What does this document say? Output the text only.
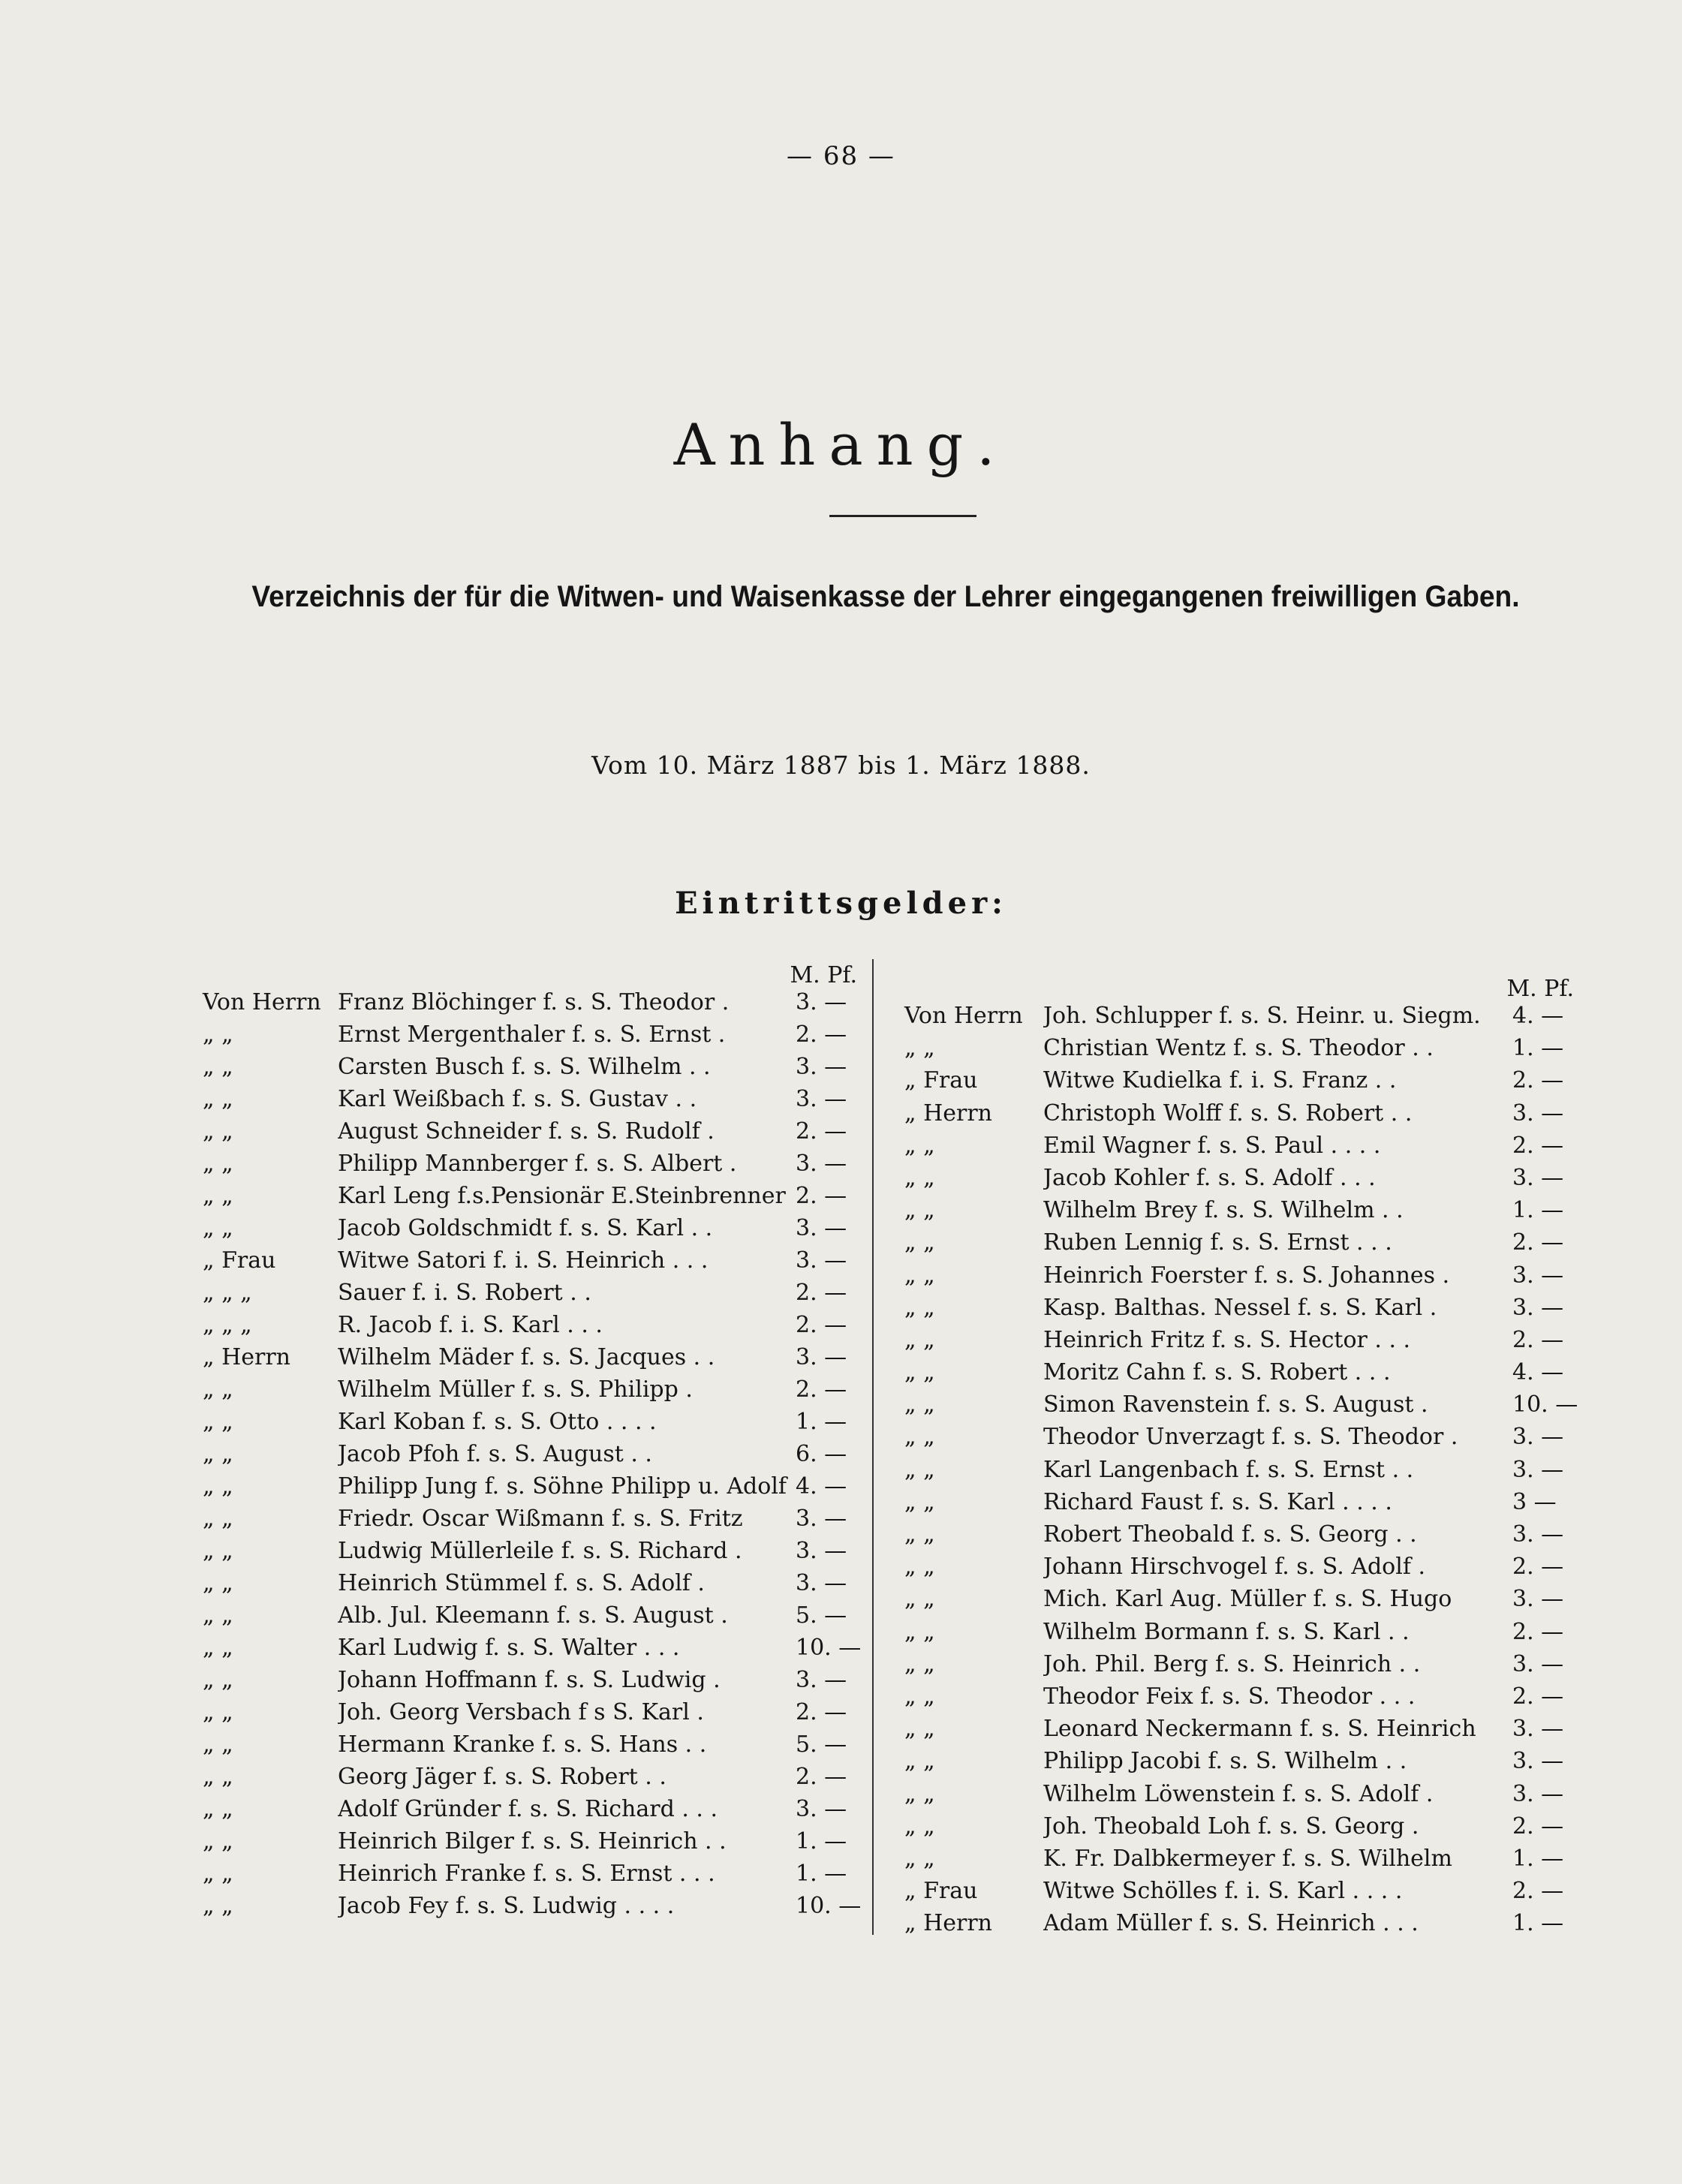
— 68 —
Anhang.
Verzeichnis der für die Witwen- und Waisenkasse der Lehrer eingegangenen freiwilligen Gaben.
Vom 10. März 1887 bis 1. März 1888.
Eintrittsgelder:
M. Pf.
Von Herrn Franz Blöchinger f. s. S. Theodor .	3. —
„ „	Ernst Mergenthaler f. s. S. Ernst .	2. —
„ „	Carsten Busch f. s. S. Wilhelm . .	3. —
„ „	Karl Weißbach f. s. S. Gustav . .	3. —
„ „	August Schneider f. s. S. Rudolf .	2. —
„ „	Philipp Mannberger f. s. S. Albert .	3. —
„ „	Karl Leng f.s.Pensionär E.Steinbrenner 2. —
„ „	Jacob Goldschmidt f. s. S. Karl . .	3. —
„ Frau	Witwe Satori f. i. S. Heinrich . . .	3. —
„ „ „	Sauer f. i. S. Robert . .	2. —
„ „ „	R. Jacob f. i. S. Karl . . .	2. —
„ Herrn	Wilhelm Mäder f. s. S. Jacques . .	3. —
„ „	Wilhelm Müller f. s. S. Philipp .	2. —
„ „	Karl Koban f. s. S. Otto . . . .	1. —
„ „	Jacob Pfoh f. s. S. August . .	6. —
„ „	Philipp Jung f. s. Söhne Philipp u. Adolf 4. —
„ „	Friedr. Oscar Wißmann f. s. S. Fritz	3. —
„ „	Ludwig Müllerleile f. s. S. Richard .	3. —
„ „	Heinrich Stümmel f. s. S. Adolf .	3. —
„ „	Alb. Jul. Kleemann f. s. S. August .	5. —
„ „	Karl Ludwig f. s. S. Walter . . .	10. —
„ „	Johann Hoffmann f. s. S. Ludwig .	3. —
„ „	Joh. Georg Versbach f s S. Karl .	2. —
„ „	Hermann Kranke f. s. S. Hans . .	5. —
„ „	Georg Jäger f. s. S. Robert . .	2. —
„ „	Adolf Gründer f. s. S. Richard . . .	3. —
„ „	Heinrich Bilger f. s. S. Heinrich . .	1. —
„ „	Heinrich Franke f. s. S. Ernst . . .	1. —
„ „	Jacob Fey f. s. S. Ludwig . . . .	10. —
M. Pf.
Von Herrn Joh. Schlupper f. s. S. Heinr. u. Siegm.	4. —
„ „	Christian Wentz f. s. S. Theodor . .	1. —
„ Frau	Witwe Kudielka f. i. S. Franz . .	2. —
„ Herrn	Christoph Wolff f. s. S. Robert . .	3. —
„ „	Emil Wagner f. s. S. Paul . . . .	2. —
„ „	Jacob Kohler f. s. S. Adolf . . .	3. —
„ „	Wilhelm Brey f. s. S. Wilhelm . .	1. —
„ „	Ruben Lennig f. s. S. Ernst . . .	2. —
„ „	Heinrich Foerster f. s. S. Johannes .	3. —
„ „	Kasp. Balthas. Nessel f. s. S. Karl .	3. —
„ „	Heinrich Fritz f. s. S. Hector . . .	2. —
„ „	Moritz Cahn f. s. S. Robert . . .	4. —
„ „	Simon Ravenstein f. s. S. August .	10. —
„ „	Theodor Unverzagt f. s. S. Theodor .	3. —
„ „	Karl Langenbach f. s. S. Ernst . .	3. —
„ „	Richard Faust f. s. S. Karl . . . .	3 —
„ „	Robert Theobald f. s. S. Georg . .	3. —
„ „	Johann Hirschvogel f. s. S. Adolf .	2. —
„ „	Mich. Karl Aug. Müller f. s. S. Hugo	3. —
„ „	Wilhelm Bormann f. s. S. Karl . .	2. —
„ „	Joh. Phil. Berg f. s. S. Heinrich . .	3. —
„ „	Theodor Feix f. s. S. Theodor . . .	2. —
„ „	Leonard Neckermann f. s. S. Heinrich	3. —
„ „	Philipp Jacobi f. s. S. Wilhelm . .	3. —
„ „	Wilhelm Löwenstein f. s. S. Adolf .	3. —
„ „	Joh. Theobald Loh f. s. S. Georg .	2. —
„ „	K. Fr. Dalbkermeyer f. s. S. Wilhelm	1. —
„ Frau	Witwe Schölles f. i. S. Karl . . . .	2. —
„ Herrn	Adam Müller f. s. S. Heinrich . . .	1. —
